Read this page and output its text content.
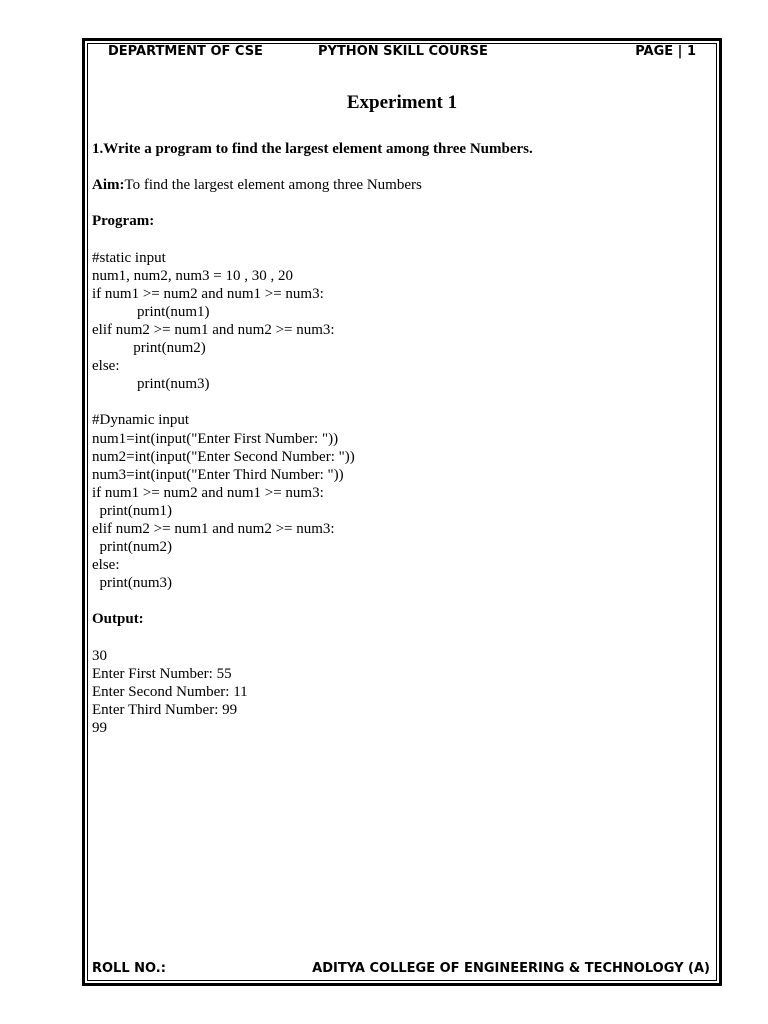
DEPARTMENT OF CSE	PYTHON SKILL COURSE	PAGE | 1
Experiment 1
1.Write a program to find the largest element among three Numbers.
Aim:To find the largest element among three Numbers
Program:
#static input
num1, num2, num3 = 10 , 30 , 20
if num1 >= num2 and num1 >= num3:
print(num1)
elif num2 >= num1 and num2 >= num3:
print(num2)
else:
print(num3)
#Dynamic input
num1=int(input("Enter First Number: "))
num2=int(input("Enter Second Number: "))
num3=int(input("Enter Third Number: "))
if num1 >= num2 and num1 >= num3:
print(num1)
elif num2 >= num1 and num2 >= num3:
print(num2)
else:
print(num3)
Output:
30
Enter First Number: 55
Enter Second Number: 11
Enter Third Number: 99
99
ROLL NO.:	ADITYA COLLEGE OF ENGINEERING & TECHNOLOGY (A)
